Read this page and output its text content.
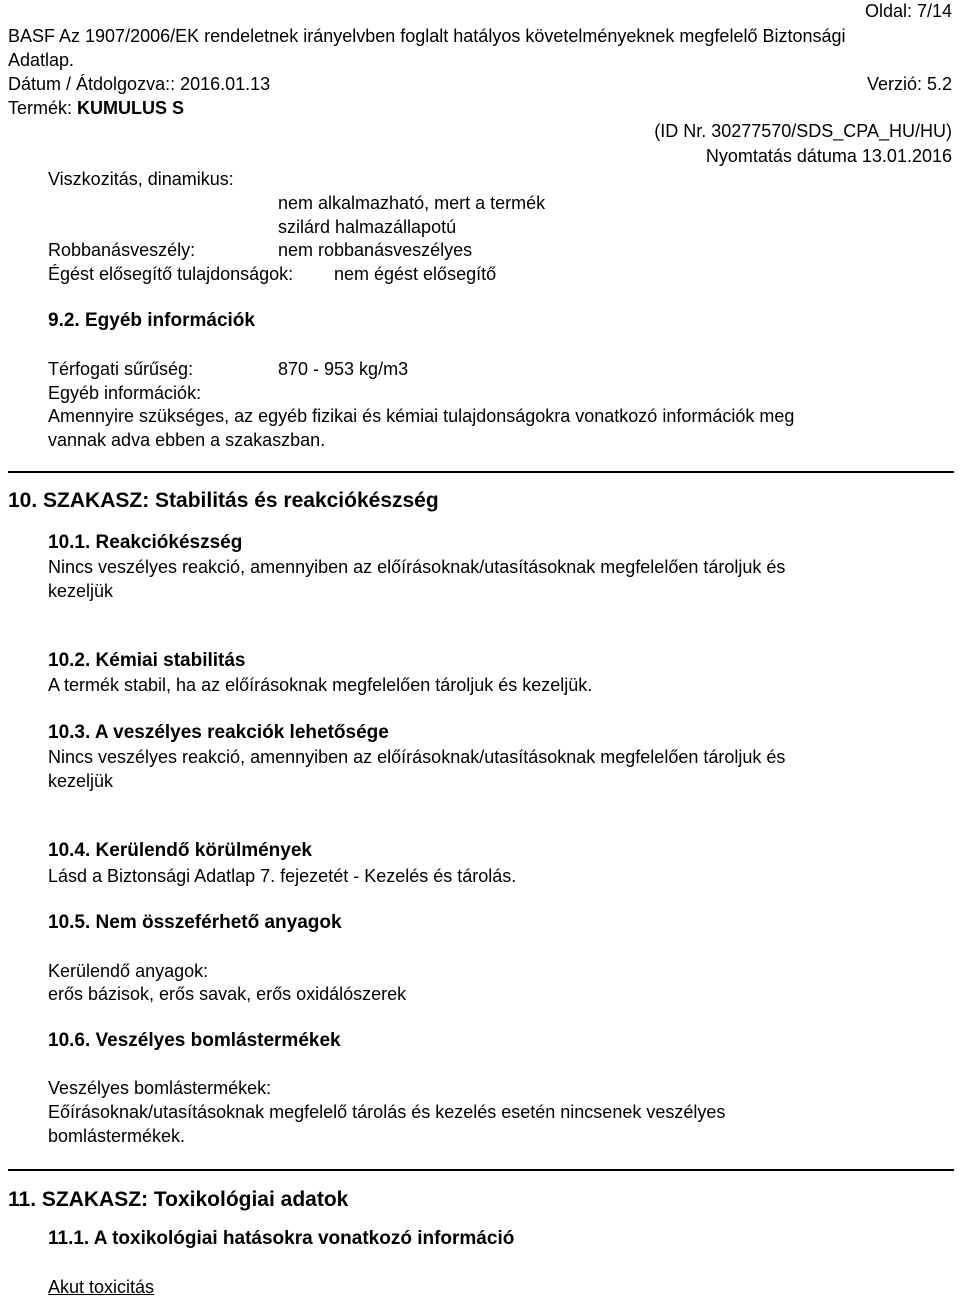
Oldal: 7/14
BASF Az 1907/2006/EK rendeletnek irányelvben foglalt hatályos követelményeknek megfelelő Biztonsági
Adatlap.
Dátum / Átdolgozva:: 2016.01.13	Verzió: 5.2
Termék: KUMULUS S
(ID Nr. 30277570/SDS_CPA_HU/HU)
Nyomtatás dátuma 13.01.2016
Viszkozitás, dinamikus:
nem alkalmazható, mert a termék
szilárd halmazállapotú
Robbanásveszély:	nem robbanásveszélyes
Égést elősegítő tulajdonságok: nem égést elősegítő
9.2. Egyéb információk
Térfogati sűrűség:	870 - 953 kg/m3
Egyéb információk:
Amennyire szükséges, az egyéb fizikai és kémiai tulajdonságokra vonatkozó információk meg
vannak adva ebben a szakaszban.
10. SZAKASZ: Stabilitás és reakciókészség
10.1. Reakciókészség
Nincs veszélyes reakció, amennyiben az előírásoknak/utasításoknak megfelelően tároljuk és
kezeljük
10.2. Kémiai stabilitás
A termék stabil, ha az előírásoknak megfelelően tároljuk és kezeljük.
10.3. A veszélyes reakciók lehetősége
Nincs veszélyes reakció, amennyiben az előírásoknak/utasításoknak megfelelően tároljuk és
kezeljük
10.4. Kerülendő körülmények
Lásd a Biztonsági Adatlap 7. fejezetét - Kezelés és tárolás.
10.5. Nem összeférhető anyagok
Kerülendő anyagok:
erős bázisok, erős savak, erős oxidálószerek
10.6. Veszélyes bomlástermékek
Veszélyes bomlástermékek:
Eőírásoknak/utasításoknak megfelelő tárolás és kezelés esetén nincsenek veszélyes
bomlástermékek.
11. SZAKASZ: Toxikológiai adatok
11.1. A toxikológiai hatásokra vonatkozó információ
Akut toxicitás
